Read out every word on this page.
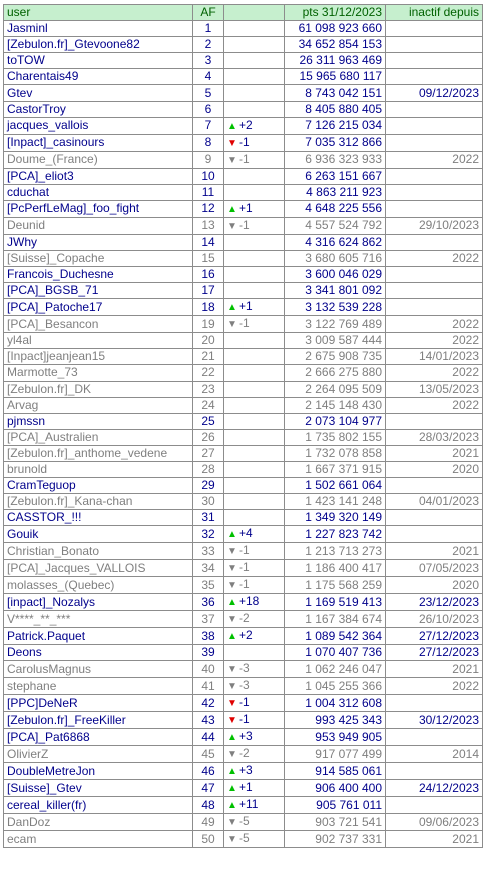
user	AF		pts 31/12/2023	inactif depuis
Jasminl	1		61 098 923 660	
[Zebulon.fr]_Gtevoone82	2		34 652 854 153	
toTOW	3		26 311 963 469	
Charentais49	4		15 965 680 117	
Gtev	5		8 743 042 151	09/12/2023
CastorTroy	6		8 405 880 405	
jacques_vallois	7	▲ +2	7 126 215 034	
[Inpact]_casinours	8	▼ -1	7 035 312 866	
Doume_(France)	9	▼ -1	6 936 323 933	2022
[PCA]_eliot3	10		6 263 151 667	
cduchat	11		4 863 211 923	
[PcPerfLeMag]_foo_fight	12	▲ +1	4 648 225 556	
Deunid	13	▼ -1	4 557 524 792	29/10/2023
JWhy	14		4 316 624 862	
[Suisse]_Copache	15		3 680 605 716	2022
Francois_Duchesne	16		3 600 046 029	
[PCA]_BGSB_71	17		3 341 801 092	
[PCA]_Patoche17	18	▲ +1	3 132 539 228	
[PCA]_Besancon	19	▼ -1	3 122 769 489	2022
yl4al	20		3 009 587 444	2022
[Inpact]jeanjean15	21		2 675 908 735	14/01/2023
Marmotte_73	22		2 666 275 880	2022
[Zebulon.fr]_DK	23		2 264 095 509	13/05/2023
Arvag	24		2 145 148 430	2022
pjmssn	25		2 073 104 977	
[PCA]_Australien	26		1 735 802 155	28/03/2023
[Zebulon.fr]_anthome_vedene	27		1 732 078 858	2021
brunold	28		1 667 371 915	2020
CramTeguop	29		1 502 661 064	
[Zebulon.fr]_Kana-chan	30		1 423 141 248	04/01/2023
CASSTOR_!!!	31		1 349 320 149	
Gouik	32	▲ +4	1 227 823 742	
Christian_Bonato	33	▼ -1	1 213 713 273	2021
[PCA]_Jacques_VALLOIS	34	▼ -1	1 186 400 417	07/05/2023
molasses_(Quebec)	35	▼ -1	1 175 568 259	2020
[inpact]_Nozalys	36	▲ +18	1 169 519 413	23/12/2023
V****_**_***	37	▼ -2	1 167 384 674	26/10/2023
Patrick.Paquet	38	▲ +2	1 089 542 364	27/12/2023
Deons	39		1 070 407 736	27/12/2023
CarolusMagnus	40	▼ -3	1 062 246 047	2021
stephane	41	▼ -3	1 045 255 366	2022
[PPC]DeNeR	42	▼ -1	1 004 312 608	
[Zebulon.fr]_FreeKiller	43	▼ -1	993 425 343	30/12/2023
[PCA]_Pat6868	44	▲ +3	953 949 905	
OlivierZ	45	▼ -2	917 077 499	2014
DoubleMetreJon	46	▲ +3	914 585 061	
[Suisse]_Gtev	47	▲ +1	906 400 400	24/12/2023
cereal_killer(fr)	48	▲ +11	905 761 011	
DanDoz	49	▼ -5	903 721 541	09/06/2023
ecam	50	▼ -5	902 737 331	2021
